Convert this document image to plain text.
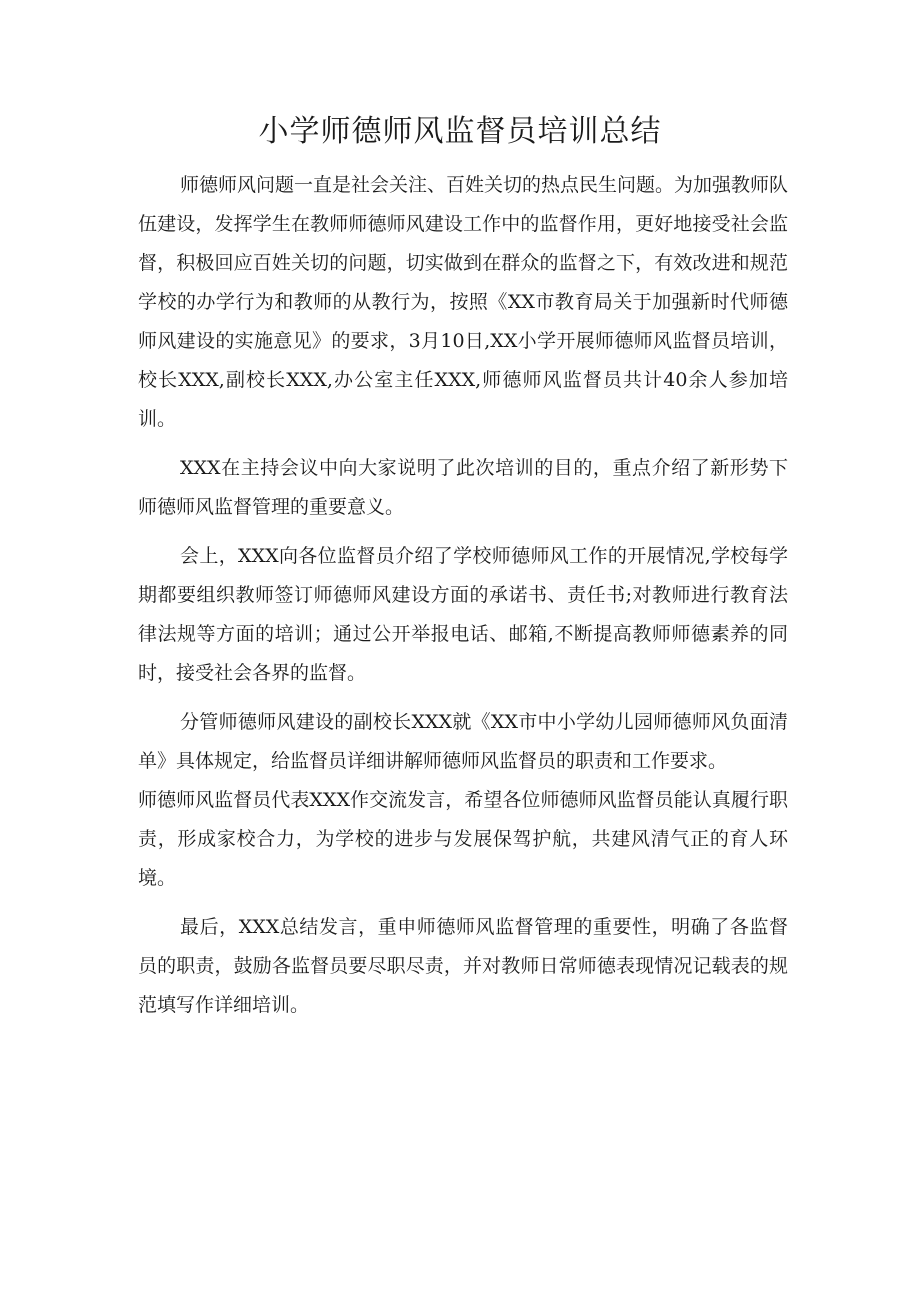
小学师德师风监督员培训总结

师德师风问题一直是社会关注、百姓关切的热点民生问题。为加强教师队伍建设，发挥学生在教师师德师风建设工作中的监督作用，更好地接受社会监督，积极回应百姓关切的问题，切实做到在群众的监督之下，有效改进和规范学校的办学行为和教师的从教行为，按照《XX市教育局关于加强新时代师德师风建设的实施意见》的要求，3月10日,XX小学开展师德师风监督员培训，校长XXX,副校长XXX,办公室主任XXX,师德师风监督员共计40余人参加培训。

XXX在主持会议中向大家说明了此次培训的目的，重点介绍了新形势下师德师风监督管理的重要意义。

会上，XXX向各位监督员介绍了学校师德师风工作的开展情况,学校每学期都要组织教师签订师德师风建设方面的承诺书、责任书;对教师进行教育法律法规等方面的培训；通过公开举报电话、邮箱,不断提高教师师德素养的同时，接受社会各界的监督。

分管师德师风建设的副校长XXX就《XX市中小学幼儿园师德师风负面清单》具体规定，给监督员详细讲解师德师风监督员的职责和工作要求。

师德师风监督员代表XXX作交流发言，希望各位师德师风监督员能认真履行职责，形成家校合力，为学校的进步与发展保驾护航，共建风清气正的育人环境。

最后，XXX总结发言，重申师德师风监督管理的重要性，明确了各监督员的职责，鼓励各监督员要尽职尽责，并对教师日常师德表现情况记载表的规范填写作详细培训。
